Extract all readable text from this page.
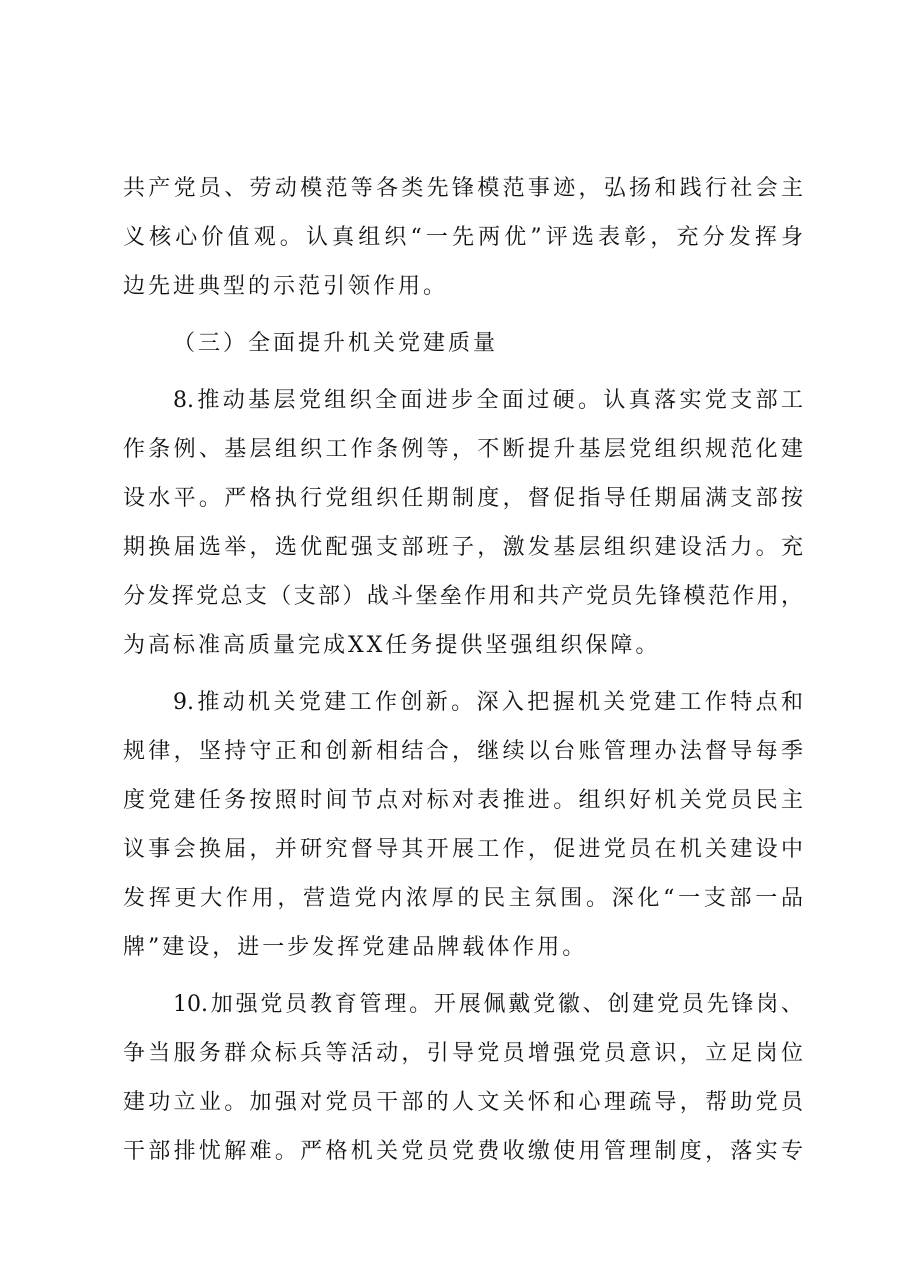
共产党员、劳动模范等各类先锋模范事迹，弘扬和践行社会主
义核心价值观。认真组织“一先两优”评选表彰，充分发挥身
边先进典型的示范引领作用。
（三）全面提升机关党建质量
8.推动基层党组织全面进步全面过硬。认真落实党支部工
作条例、基层组织工作条例等，不断提升基层党组织规范化建
设水平。严格执行党组织任期制度，督促指导任期届满支部按
期换届选举，选优配强支部班子，激发基层组织建设活力。充
分发挥党总支（支部）战斗堡垒作用和共产党员先锋模范作用，
为高标准高质量完成XX任务提供坚强组织保障。
9.推动机关党建工作创新。深入把握机关党建工作特点和
规律，坚持守正和创新相结合，继续以台账管理办法督导每季
度党建任务按照时间节点对标对表推进。组织好机关党员民主
议事会换届，并研究督导其开展工作，促进党员在机关建设中
发挥更大作用，营造党内浓厚的民主氛围。深化“一支部一品
牌”建设，进一步发挥党建品牌载体作用。
10.加强党员教育管理。开展佩戴党徽、创建党员先锋岗、
争当服务群众标兵等活动，引导党员增强党员意识，立足岗位
建功立业。加强对党员干部的人文关怀和心理疏导，帮助党员
干部排忧解难。严格机关党员党费收缴使用管理制度，落实专
